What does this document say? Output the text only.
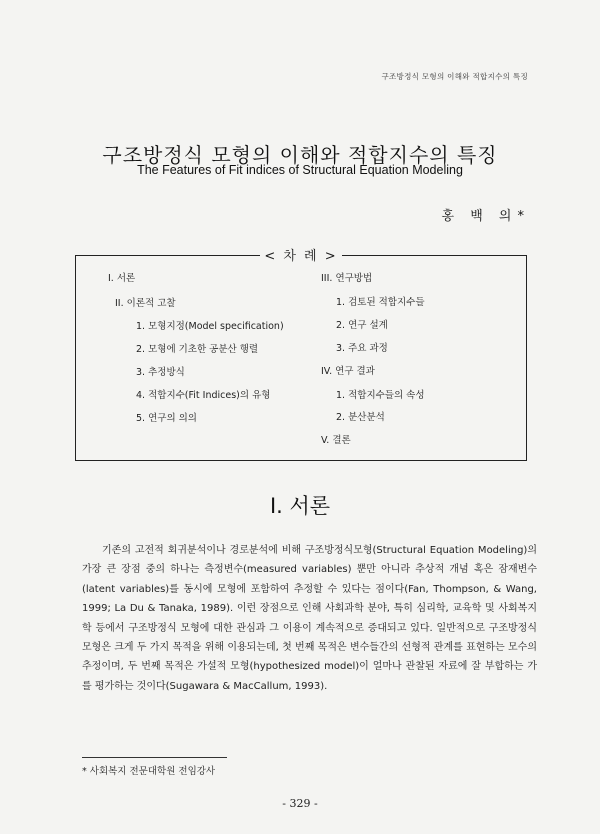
구조방정식 모형의 이해와 적합지수의 특징
구조방정식 모형의 이해와 적합지수의 특징
The Features of Fit indices of Structural Equation Modeling
홍 백 의*
< 차 례 >
I. 서론
II. 이론적 고찰
1. 모형지정(Model specification)
2. 모형에 기초한 공분산 행렬
3. 추정방식
4. 적합지수(Fit Indices)의 유형
5. 연구의 의의
III. 연구방법
1. 검토된 적합지수들
2. 연구 설계
3. 주요 과정
IV. 연구 결과
1. 적합지수들의 속성
2. 분산분석
V. 결론
I. 서론
기존의 고전적 회귀분석이나 경로분석에 비해 구조방정식모형(Structural Equation Modeling)의 가장 큰 장점 중의 하나는 측정변수(measured variables) 뿐만 아니라 추상적 개념 혹은 잠재변수(latent variables)를 동시에 모형에 포함하여 추정할 수 있다는 점이다(Fan, Thompson, & Wang, 1999; La Du & Tanaka, 1989). 이런 장점으로 인해 사회과학 분야, 특히 심리학, 교육학 및 사회복지학 등에서 구조방정식 모형에 대한 관심과 그 이용이 계속적으로 증대되고 있다. 일반적으로 구조방정식모형은 크게 두 가지 목적을 위해 이용되는데, 첫 번째 목적은 변수들간의 선형적 관계를 표현하는 모수의 추정이며, 두 번째 목적은 가설적 모형(hypothesized model)이 얼마나 관찰된 자료에 잘 부합하는 가를 평가하는 것이다(Sugawara & MacCallum, 1993).
* 사회복지 전문대학원 전임강사
- 329 -
